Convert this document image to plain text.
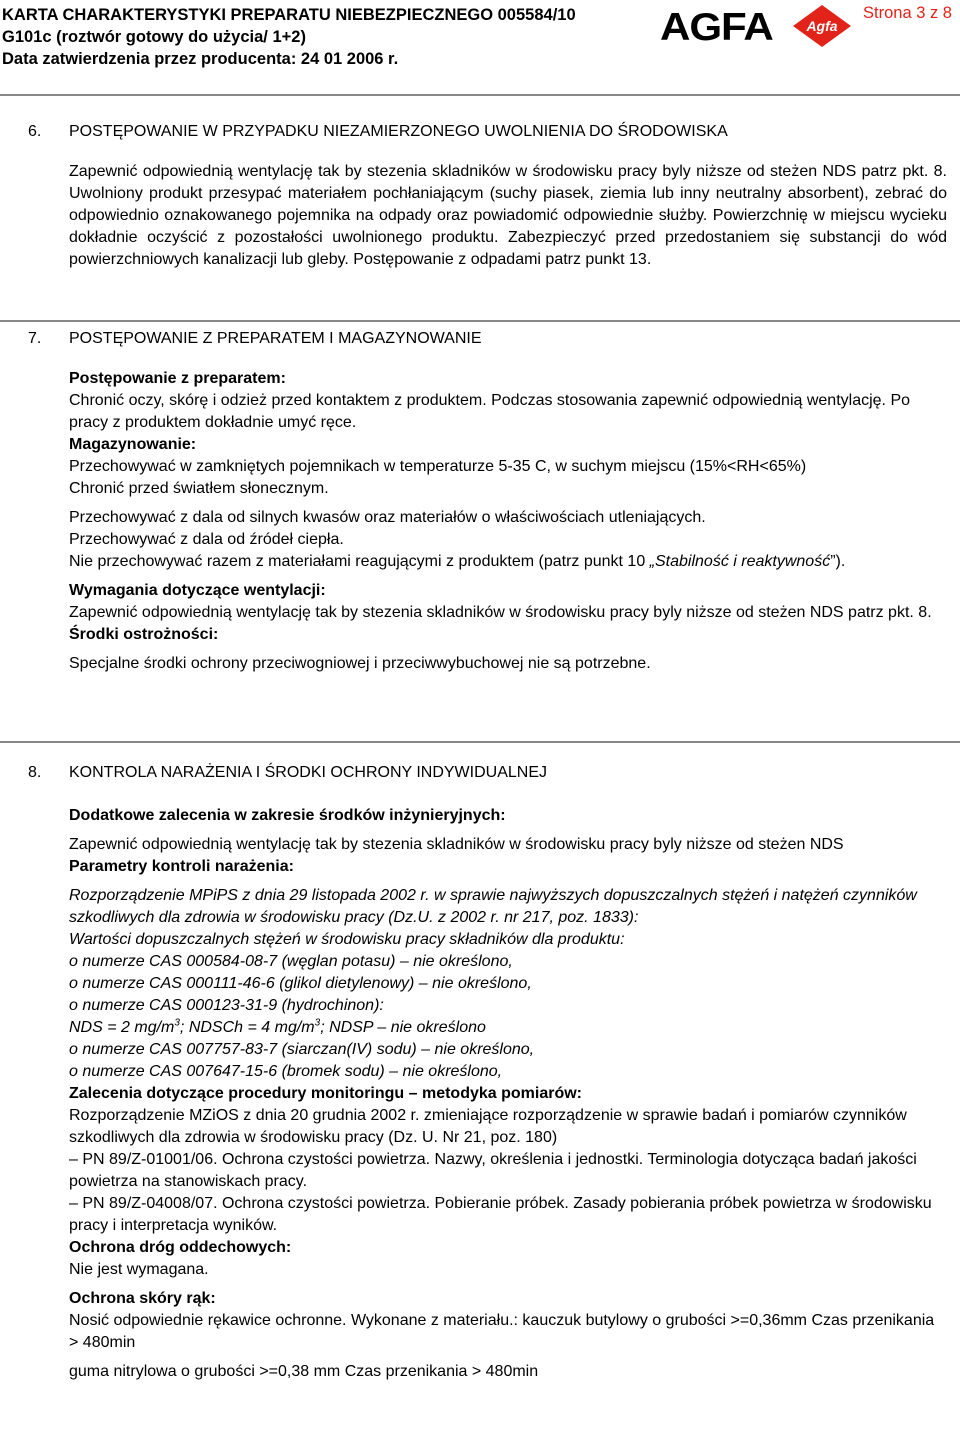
KARTA CHARAKTERYSTYKI PREPARATU NIEBEZPIECZNEGO 005584/10
G101c (roztwór gotowy do użycia/ 1+2)
Data zatwierdzenia przez producenta: 24 01 2006 r.
AGFA Agfa
Strona 3 z 8
6. POSTĘPOWANIE W PRZYPADKU NIEZAMIERZONEGO UWOLNIENIA DO ŚRODOWISKA

Zapewnić odpowiednią wentylację tak by stezenia skladników w środowisku pracy byly niższe od steżen NDS patrz pkt. 8. Uwolniony produkt przesypać materiałem pochłaniającym (suchy piasek, ziemia lub inny neutralny absorbent), zebrać do odpowiednio oznakowanego pojemnika na odpady oraz powiadomić odpowiednie służby. Powierzchnię w miejscu wycieku dokładnie oczyścić z pozostałości uwolnionego produktu. Zabezpieczyć przed przedostaniem się substancji do wód powierzchniowych kanalizacji lub gleby. Postępowanie z odpadami patrz punkt 13.

7. POSTĘPOWANIE Z PREPARATEM I MAGAZYNOWANIE

Postępowanie z preparatem:

Chronić oczy, skórę i odzież przed kontaktem z produktem. Podczas stosowania zapewnić odpowiednią wentylację. Po pracy z produktem dokładnie umyć ręce.

Magazynowanie:

Przechowywać w zamkniętych pojemnikach w temperaturze 5-35 C, w suchym miejscu (15%<RH<65%)

Chronić przed światłem słonecznym.

Przechowywać z dala od silnych kwasów oraz materiałów o właściwościach utleniających.

Przechowywać z dala od źródeł ciepła.

Nie przechowywać razem z materiałami reagującymi z produktem (patrz punkt 10 „Stabilność i reaktywność”).

Wymagania dotyczące wentylacji:

Zapewnić odpowiednią wentylację tak by stezenia skladników w środowisku pracy byly niższe od steżen NDS patrz pkt. 8.

Środki ostrożności:

Specjalne środki ochrony przeciwogniowej i przeciwwybuchowej nie są potrzebne.

8. KONTROLA NARAŻENIA I ŚRODKI OCHRONY INDYWIDUALNEJ

Dodatkowe zalecenia w zakresie środków inżynieryjnych:

Zapewnić odpowiednią wentylację tak by stezenia skladników w środowisku pracy byly niższe od steżen NDS

Parametry kontroli narażenia:

Rozporządzenie MPiPS z dnia 29 listopada 2002 r. w sprawie najwyższych dopuszczalnych stężeń i natężeń czynników szkodliwych dla zdrowia w środowisku pracy (Dz.U. z 2002 r. nr 217, poz. 1833):

Wartości dopuszczalnych stężeń w środowisku pracy składników dla produktu:

o numerze CAS 000584-08-7 (węglan potasu) – nie określono,

o numerze CAS 000111-46-6 (glikol dietylenowy) – nie określono,

o numerze CAS 000123-31-9 (hydrochinon):

NDS = 2 $mg/m^3$; NDSCh = 4 $mg/m^3$; NDSP – nie określono

o numerze CAS 007757-83-7 (siarczan(IV) sodu) – nie określono,

o numerze CAS 007647-15-6 (bromek sodu) – nie określono,

Zalecenia dotyczące procedury monitoringu – metodyka pomiarów:

Rozporządzenie MZiOS z dnia 20 grudnia 2002 r. zmieniające rozporządzenie w sprawie badań i pomiarów czynników szkodliwych dla zdrowia w środowisku pracy (Dz. U. Nr 21, poz. 180)

– PN 89/Z-01001/06. Ochrona czystości powietrza. Nazwy, określenia i jednostki. Terminologia dotycząca badań jakości powietrza na stanowiskach pracy.

– PN 89/Z-04008/07. Ochrona czystości powietrza. Pobieranie próbek. Zasady pobierania próbek powietrza w środowisku pracy i interpretacja wyników.

Ochrona dróg oddechowych:

Nie jest wymagana.

Ochrona skóry rąk:

Nosić odpowiednie rękawice ochronne. Wykonane z materiału.: kauczuk butylowy o grubości >=0,36mm Czas przenikania > 480min

guma nitrylowa o grubości >=0,38 mm Czas przenikania > 480min
